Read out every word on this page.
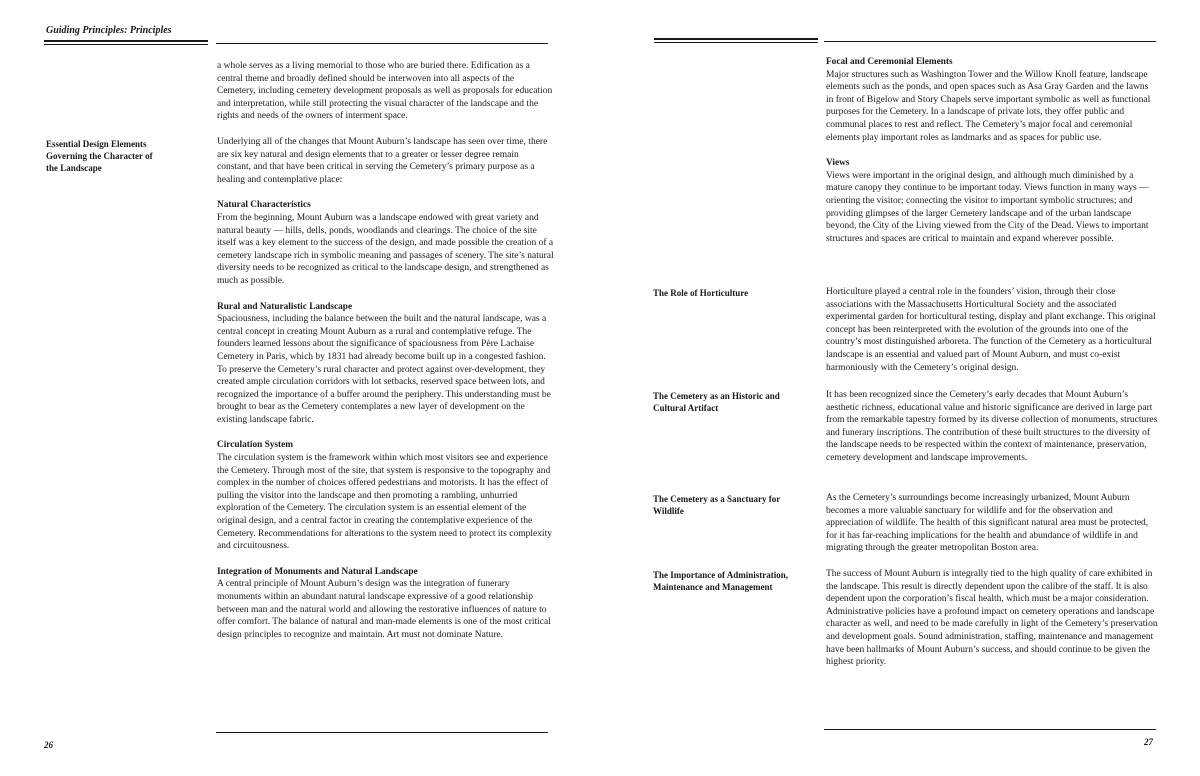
Guiding Principles: Principles

a whole serves as a living memorial to those who are buried there. Edification as a central theme and broadly defined should be interwoven into all aspects of the Cemetery, including cemetery development proposals as well as proposals for education and interpretation, while still protecting the visual character of the landscape and the rights and needs of the owners of interment space.

Essential Design Elements Governing the Character of the Landscape

Underlying all of the changes that Mount Auburn’s landscape has seen over time, there are six key natural and design elements that to a greater or lesser degree remain constant, and that have been critical in serving the Cemetery’s primary purpose as a healing and contemplative place:

Natural Characteristics

From the beginning, Mount Auburn was a landscape endowed with great variety and natural beauty — hills, dells, ponds, woodlands and clearings. The choice of the site itself was a key element to the success of the design, and made possible the creation of a cemetery landscape rich in symbolic meaning and passages of scenery. The site’s natural diversity needs to be recognized as critical to the landscape design, and strengthened as much as possible.

Rural and Naturalistic Landscape

Spaciousness, including the balance between the built and the natural landscape, was a central concept in creating Mount Auburn as a rural and contemplative refuge. The founders learned lessons about the significance of spaciousness from Père Lachaise Cemetery in Paris, which by 1831 had already become built up in a congested fashion. To preserve the Cemetery’s rural character and protect against over-development, they created ample circulation corridors with lot setbacks, reserved space between lots, and recognized the importance of a buffer around the periphery. This understanding must be brought to bear as the Cemetery contemplates a new layer of development on the existing landscape fabric.

Circulation System

The circulation system is the framework within which most visitors see and experience the Cemetery. Through most of the site, that system is responsive to the topography and complex in the number of choices offered pedestrians and motorists. It has the effect of pulling the visitor into the landscape and then promoting a rambling, unhurried exploration of the Cemetery. The circulation system is an essential element of the original design, and a central factor in creating the contemplative experience of the Cemetery. Recommendations for alterations to the system need to protect its complexity and circuitousness.

Integration of Monuments and Natural Landscape

A central principle of Mount Auburn’s design was the integration of funerary monuments within an abundant natural landscape expressive of a good relationship between man and the natural world and allowing the restorative influences of nature to offer comfort. The balance of natural and man-made elements is one of the most critical design principles to recognize and maintain. Art must not dominate Nature.

26

Focal and Ceremonial Elements

Major structures such as Washington Tower and the Willow Knoll feature, landscape elements such as the ponds, and open spaces such as Asa Gray Garden and the lawns in front of Bigelow and Story Chapels serve important symbolic as well as functional purposes for the Cemetery. In a landscape of private lots, they offer public and communal places to rest and reflect. The Cemetery’s major focal and ceremonial elements play important roles as landmarks and as spaces for public use.

Views

Views were important in the original design, and although much diminished by a mature canopy they continue to be important today. Views function in many ways — orienting the visitor; connecting the visitor to important symbolic structures; and providing glimpses of the larger Cemetery landscape and of the urban landscape beyond, the City of the Living viewed from the City of the Dead. Views to important structures and spaces are critical to maintain and expand wherever possible.

The Role of Horticulture	Horticulture played a central role in the founders’ vision, through their close associations with the Massachusetts Horticultural Society and the associated experimental garden for horticultural testing, display and plant exchange. This original concept has been reinterpreted with the evolution of the grounds into one of the country’s most distinguished arboreta. The function of the Cemetery as a horticultural landscape is an essential and valued part of Mount Auburn, and must co-exist harmoniously with the Cemetery’s original design.

The Cemetery as an Historic and Cultural Artifact

It has been recognized since the Cemetery’s early decades that Mount Auburn’s aesthetic richness, educational value and historic significance are derived in large part from the remarkable tapestry formed by its diverse collection of monuments, structures and funerary inscriptions. The contribution of these built structures to the diversity of the landscape needs to be respected within the context of maintenance, preservation, cemetery development and landscape improvements.

The Cemetery as a Sanctuary for Wildlife

As the Cemetery’s surroundings become increasingly urbanized, Mount Auburn becomes a more valuable sanctuary for wildlife and for the observation and appreciation of wildlife. The health of this significant natural area must be protected, for it has far-reaching implications for the health and abundance of wildlife in and migrating through the greater metropolitan Boston area.

The Importance of Administration, Maintenance and Management

The success of Mount Auburn is integrally tied to the high quality of care exhibited in the landscape. This result is directly dependent upon the calibre of the staff. It is also dependent upon the corporation’s fiscal health, which must be a major consideration. Administrative policies have a profound impact on cemetery operations and landscape character as well, and need to be made carefully in light of the Cemetery’s preservation and development goals. Sound administration, staffing, maintenance and management have been hallmarks of Mount Auburn’s success, and should continue to be given the highest priority.

27
